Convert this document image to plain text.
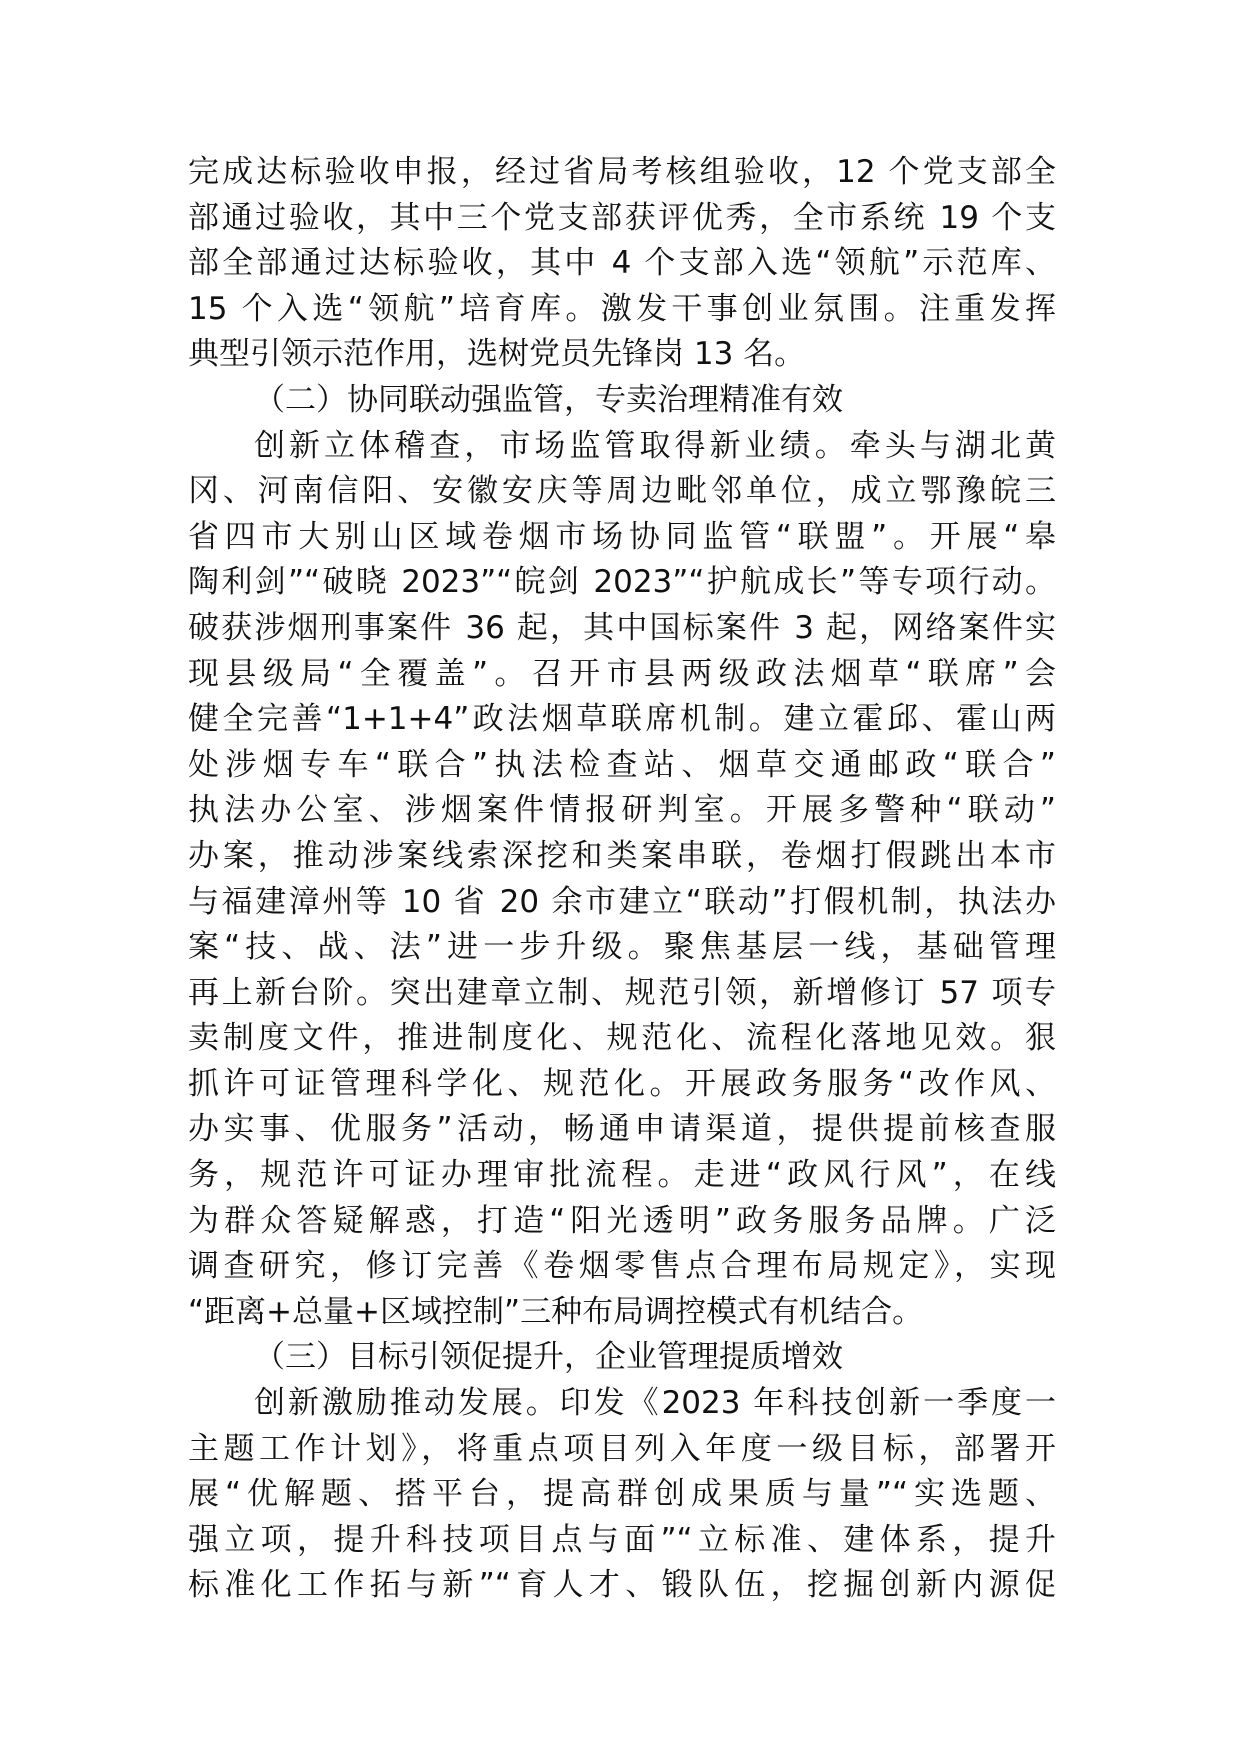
完成达标验收申报，经过省局考核组验收，12 个党支部全
部通过验收，其中三个党支部获评优秀，全市系统 19 个支
部全部通过达标验收，其中 4 个支部入选“领航”示范库、
15 个入选“领航”培育库。激发干事创业氛围。注重发挥
典型引领示范作用，选树党员先锋岗 13 名。
（二）协同联动强监管，专卖治理精准有效
创新立体稽查，市场监管取得新业绩。牵头与湖北黄
冈、河南信阳、安徽安庆等周边毗邻单位，成立鄂豫皖三
省四市大别山区域卷烟市场协同监管“联盟”。开展“皋
陶利剑”“破晓 2023”“皖剑 2023”“护航成长”等专项行动。
破获涉烟刑事案件 36 起，其中国标案件 3 起，网络案件实
现县级局“全覆盖”。召开市县两级政法烟草“联席”会
健全完善“1+1+4”政法烟草联席机制。建立霍邱、霍山两
处涉烟专车“联合”执法检查站、烟草交通邮政“联合”
执法办公室、涉烟案件情报研判室。开展多警种“联动”
办案，推动涉案线索深挖和类案串联，卷烟打假跳出本市
与福建漳州等 10 省 20 余市建立“联动”打假机制，执法办
案“技、战、法”进一步升级。聚焦基层一线，基础管理
再上新台阶。突出建章立制、规范引领，新增修订 57 项专
卖制度文件，推进制度化、规范化、流程化落地见效。狠
抓许可证管理科学化、规范化。开展政务服务“改作风、
办实事、优服务”活动，畅通申请渠道，提供提前核查服
务，规范许可证办理审批流程。走进“政风行风”，在线
为群众答疑解惑，打造“阳光透明”政务服务品牌。广泛
调查研究，修订完善《卷烟零售点合理布局规定》，实现
“距离+总量+区域控制”三种布局调控模式有机结合。
（三）目标引领促提升，企业管理提质增效
创新激励推动发展。印发《2023 年科技创新一季度一
主题工作计划》，将重点项目列入年度一级目标，部署开
展“优解题、搭平台，提高群创成果质与量”“实选题、
强立项，提升科技项目点与面”“立标准、建体系，提升
标准化工作拓与新”“育人才、锻队伍，挖掘创新内源促
